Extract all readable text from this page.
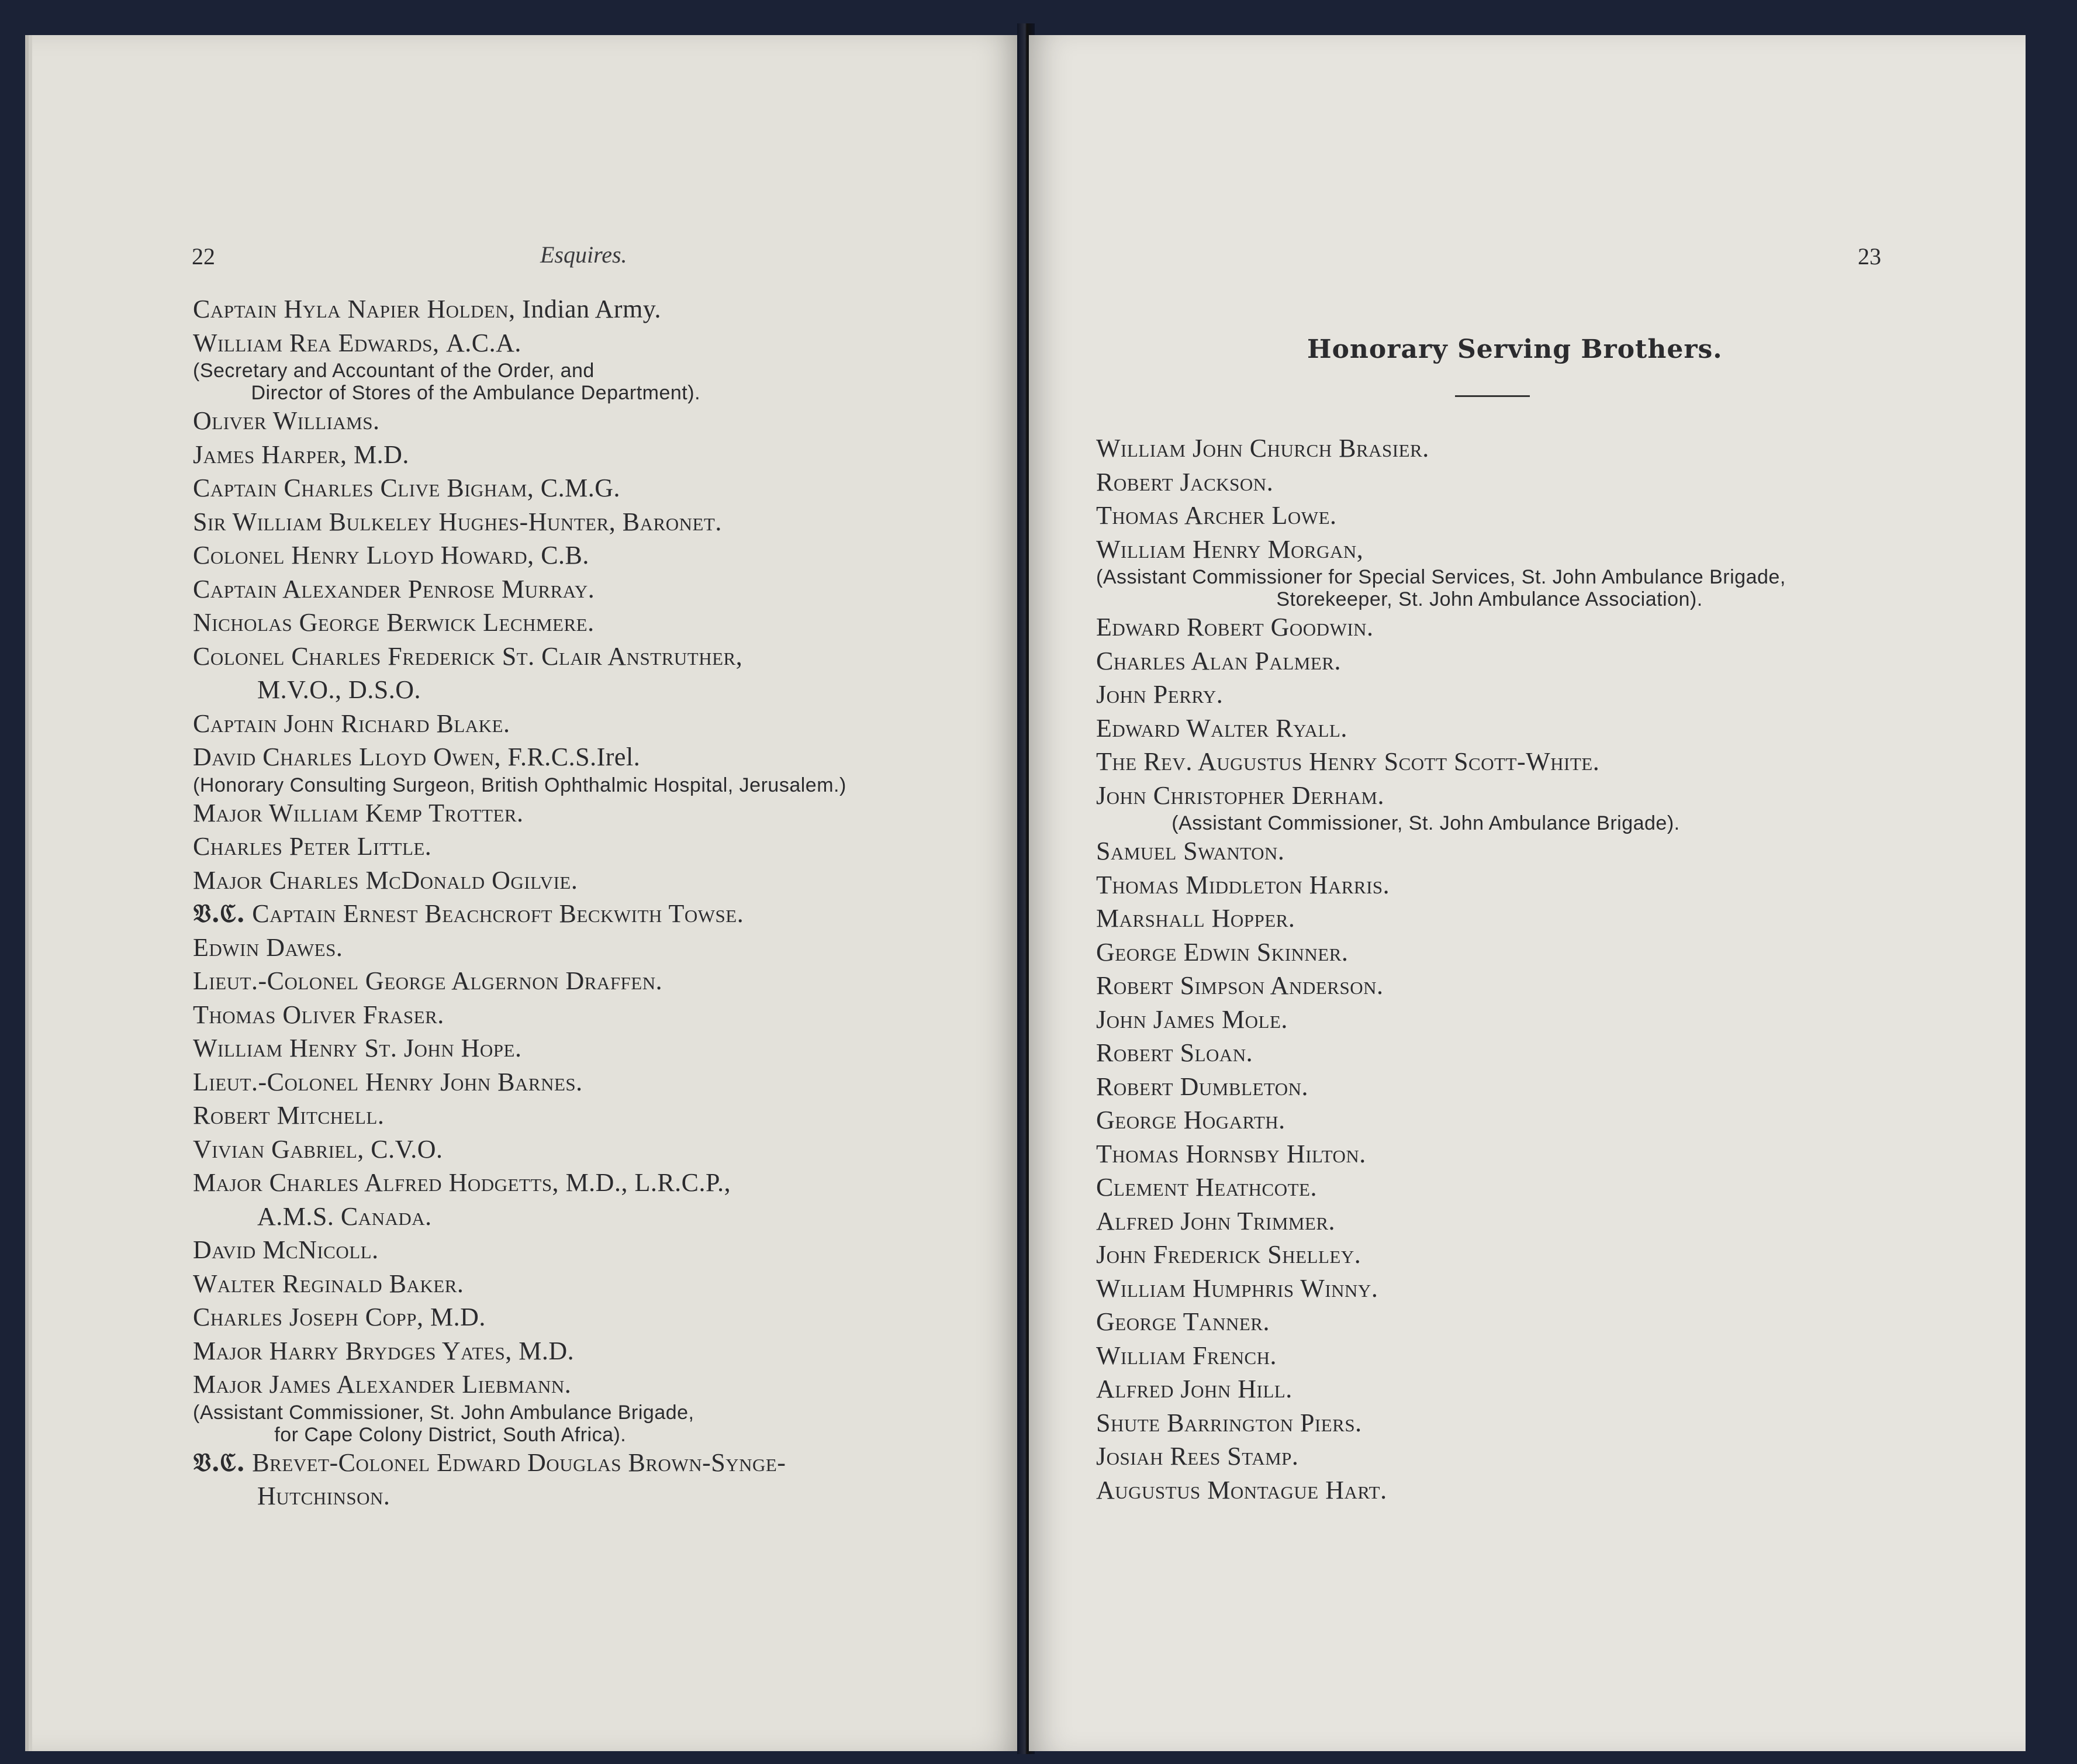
22	Esquires.	23
Honorary Serving Brothers.
Captain Hyla Napier Holden, Indian Army.
William Rea Edwards, A.C.A.
(Secretary and Accountant of the Order, and
Director of Stores of the Ambulance Department).
Oliver Williams.
James Harper, M.D.
Captain Charles Clive Bigham, C.M.G.
Sir William Bulkeley Hughes-Hunter, Baronet.
Colonel Henry Lloyd Howard, C.B.
Captain Alexander Penrose Murray.
Nicholas George Berwick Lechmere.
Colonel Charles Frederick St. Clair Anstruther,
M.V.O., D.S.O.
Captain John Richard Blake.
David Charles Lloyd Owen, F.R.C.S.Irel.
(Honorary Consulting Surgeon, British Ophthalmic Hospital, Jerusalem.)
Major William Kemp Trotter.
Charles Peter Little.
Major Charles McDonald Ogilvie.
𝔙.ℭ. Captain Ernest Beachcroft Beckwith Towse.
Edwin Dawes.
Lieut.-Colonel George Algernon Draffen.
Thomas Oliver Fraser.
William Henry St. John Hope.
Lieut.-Colonel Henry John Barnes.
Robert Mitchell.
Vivian Gabriel, C.V.O.
Major Charles Alfred Hodgetts, M.D., L.R.C.P.,
A.M.S. Canada.
David McNicoll.
Walter Reginald Baker.
Charles Joseph Copp, M.D.
Major Harry Brydges Yates, M.D.
Major James Alexander Liebmann.
(Assistant Commissioner, St. John Ambulance Brigade,
for Cape Colony District, South Africa).
𝔙.ℭ. Brevet-Colonel Edward Douglas Brown-Synge-
Hutchinson.
William John Church Brasier.
Robert Jackson.
Thomas Archer Lowe.
William Henry Morgan,
(Assistant Commissioner for Special Services, St. John Ambulance Brigade,
Storekeeper, St. John Ambulance Association).
Edward Robert Goodwin.
Charles Alan Palmer.
John Perry.
Edward Walter Ryall.
The Rev. Augustus Henry Scott Scott-White.
John Christopher Derham.
(Assistant Commissioner, St. John Ambulance Brigade).
Samuel Swanton.
Thomas Middleton Harris.
Marshall Hopper.
George Edwin Skinner.
Robert Simpson Anderson.
John James Mole.
Robert Sloan.
Robert Dumbleton.
George Hogarth.
Thomas Hornsby Hilton.
Clement Heathcote.
Alfred John Trimmer.
John Frederick Shelley.
William Humphris Winny.
George Tanner.
William French.
Alfred John Hill.
Shute Barrington Piers.
Josiah Rees Stamp.
Augustus Montague Hart.
